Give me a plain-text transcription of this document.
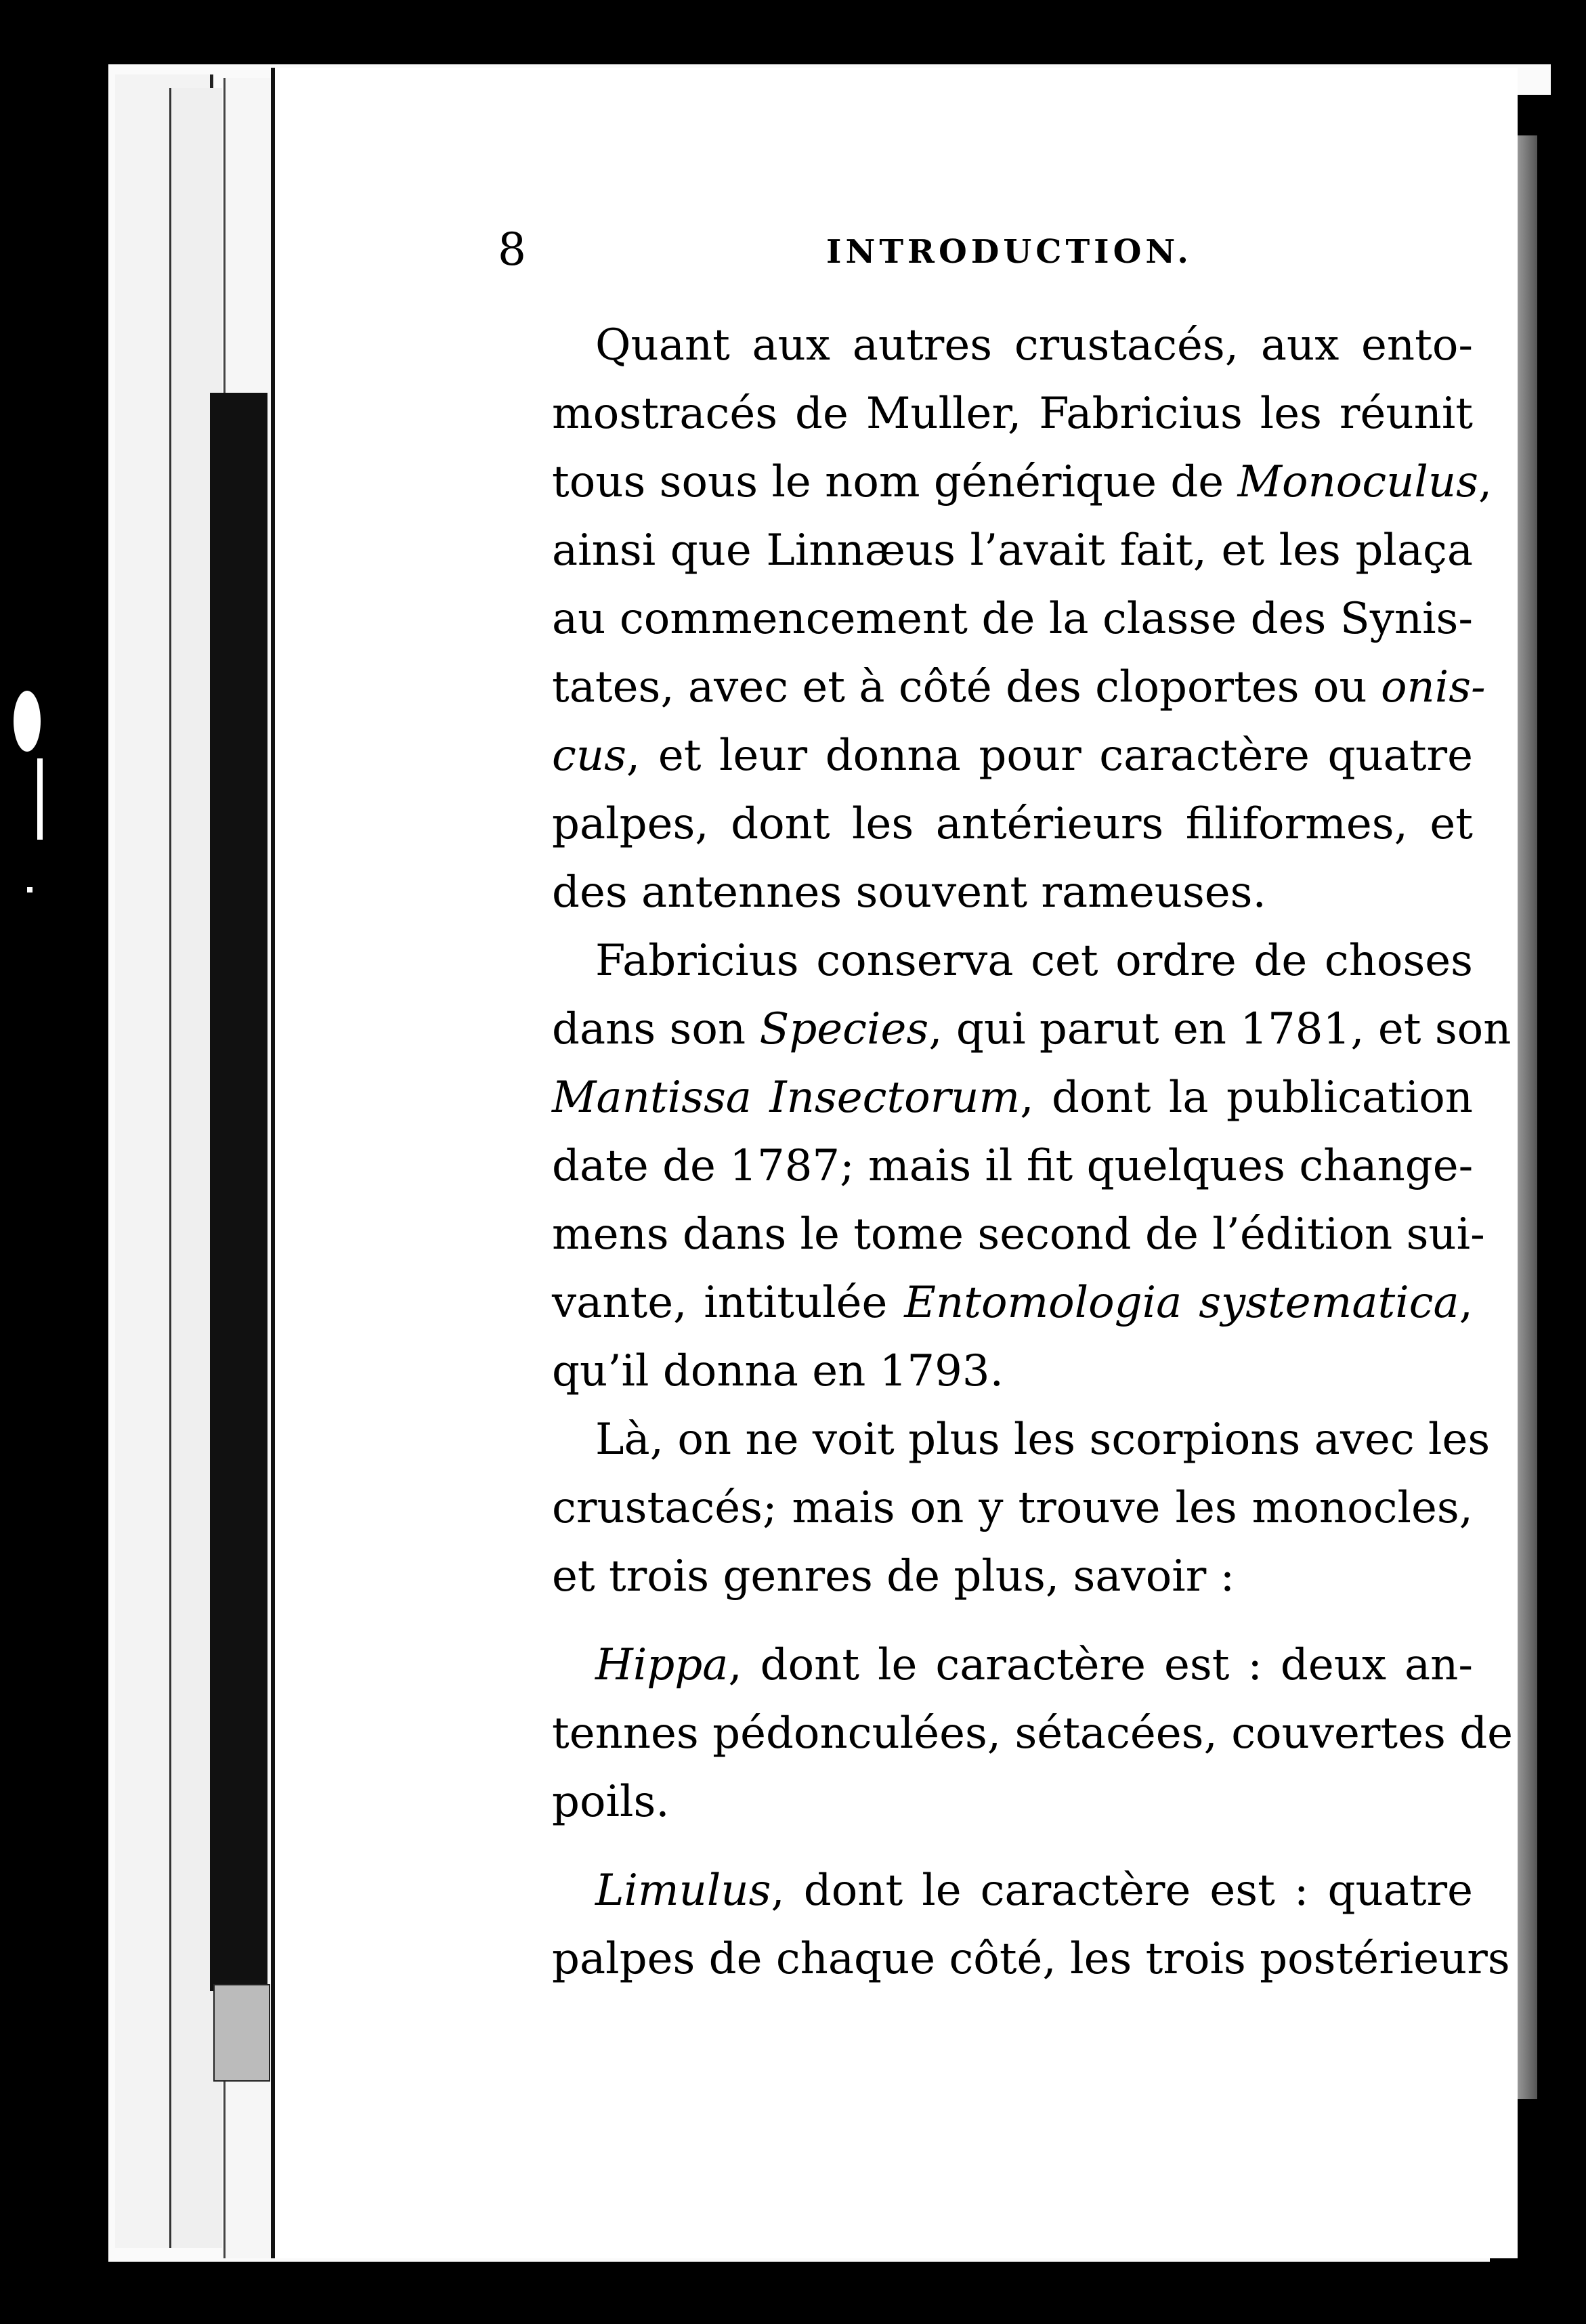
8	INTRODUCTION.

 Quant aux autres crustacés, aux ento-
mostracés de Muller, Fabricius les réunit
tous sous le nom générique de Monoculus,
ainsi que Linnæus l’avait fait, et les plaça
au commencement de la classe des Synis-
tates, avec et à côté des cloportes ou onis-
cus, et leur donna pour caractère quatre
palpes, dont les antérieurs filiformes, et
des antennes souvent rameuses.

 Fabricius conserva cet ordre de choses
dans son Species, qui parut en 1781, et son
Mantissa Insectorum, dont la publication
date de 1787; mais il fit quelques change-
mens dans le tome second de l’édition sui-
vante, intitulée Entomologia systematica,
qu’il donna en 1793.

 Là, on ne voit plus les scorpions avec les
crustacés; mais on y trouve les monocles,
et trois genres de plus, savoir :

 Hippa, dont le caractère est : deux an-
tennes pédonculées, sétacées, couvertes de
poils.

 Limulus, dont le caractère est : quatre
palpes de chaque côté, les trois postérieurs
